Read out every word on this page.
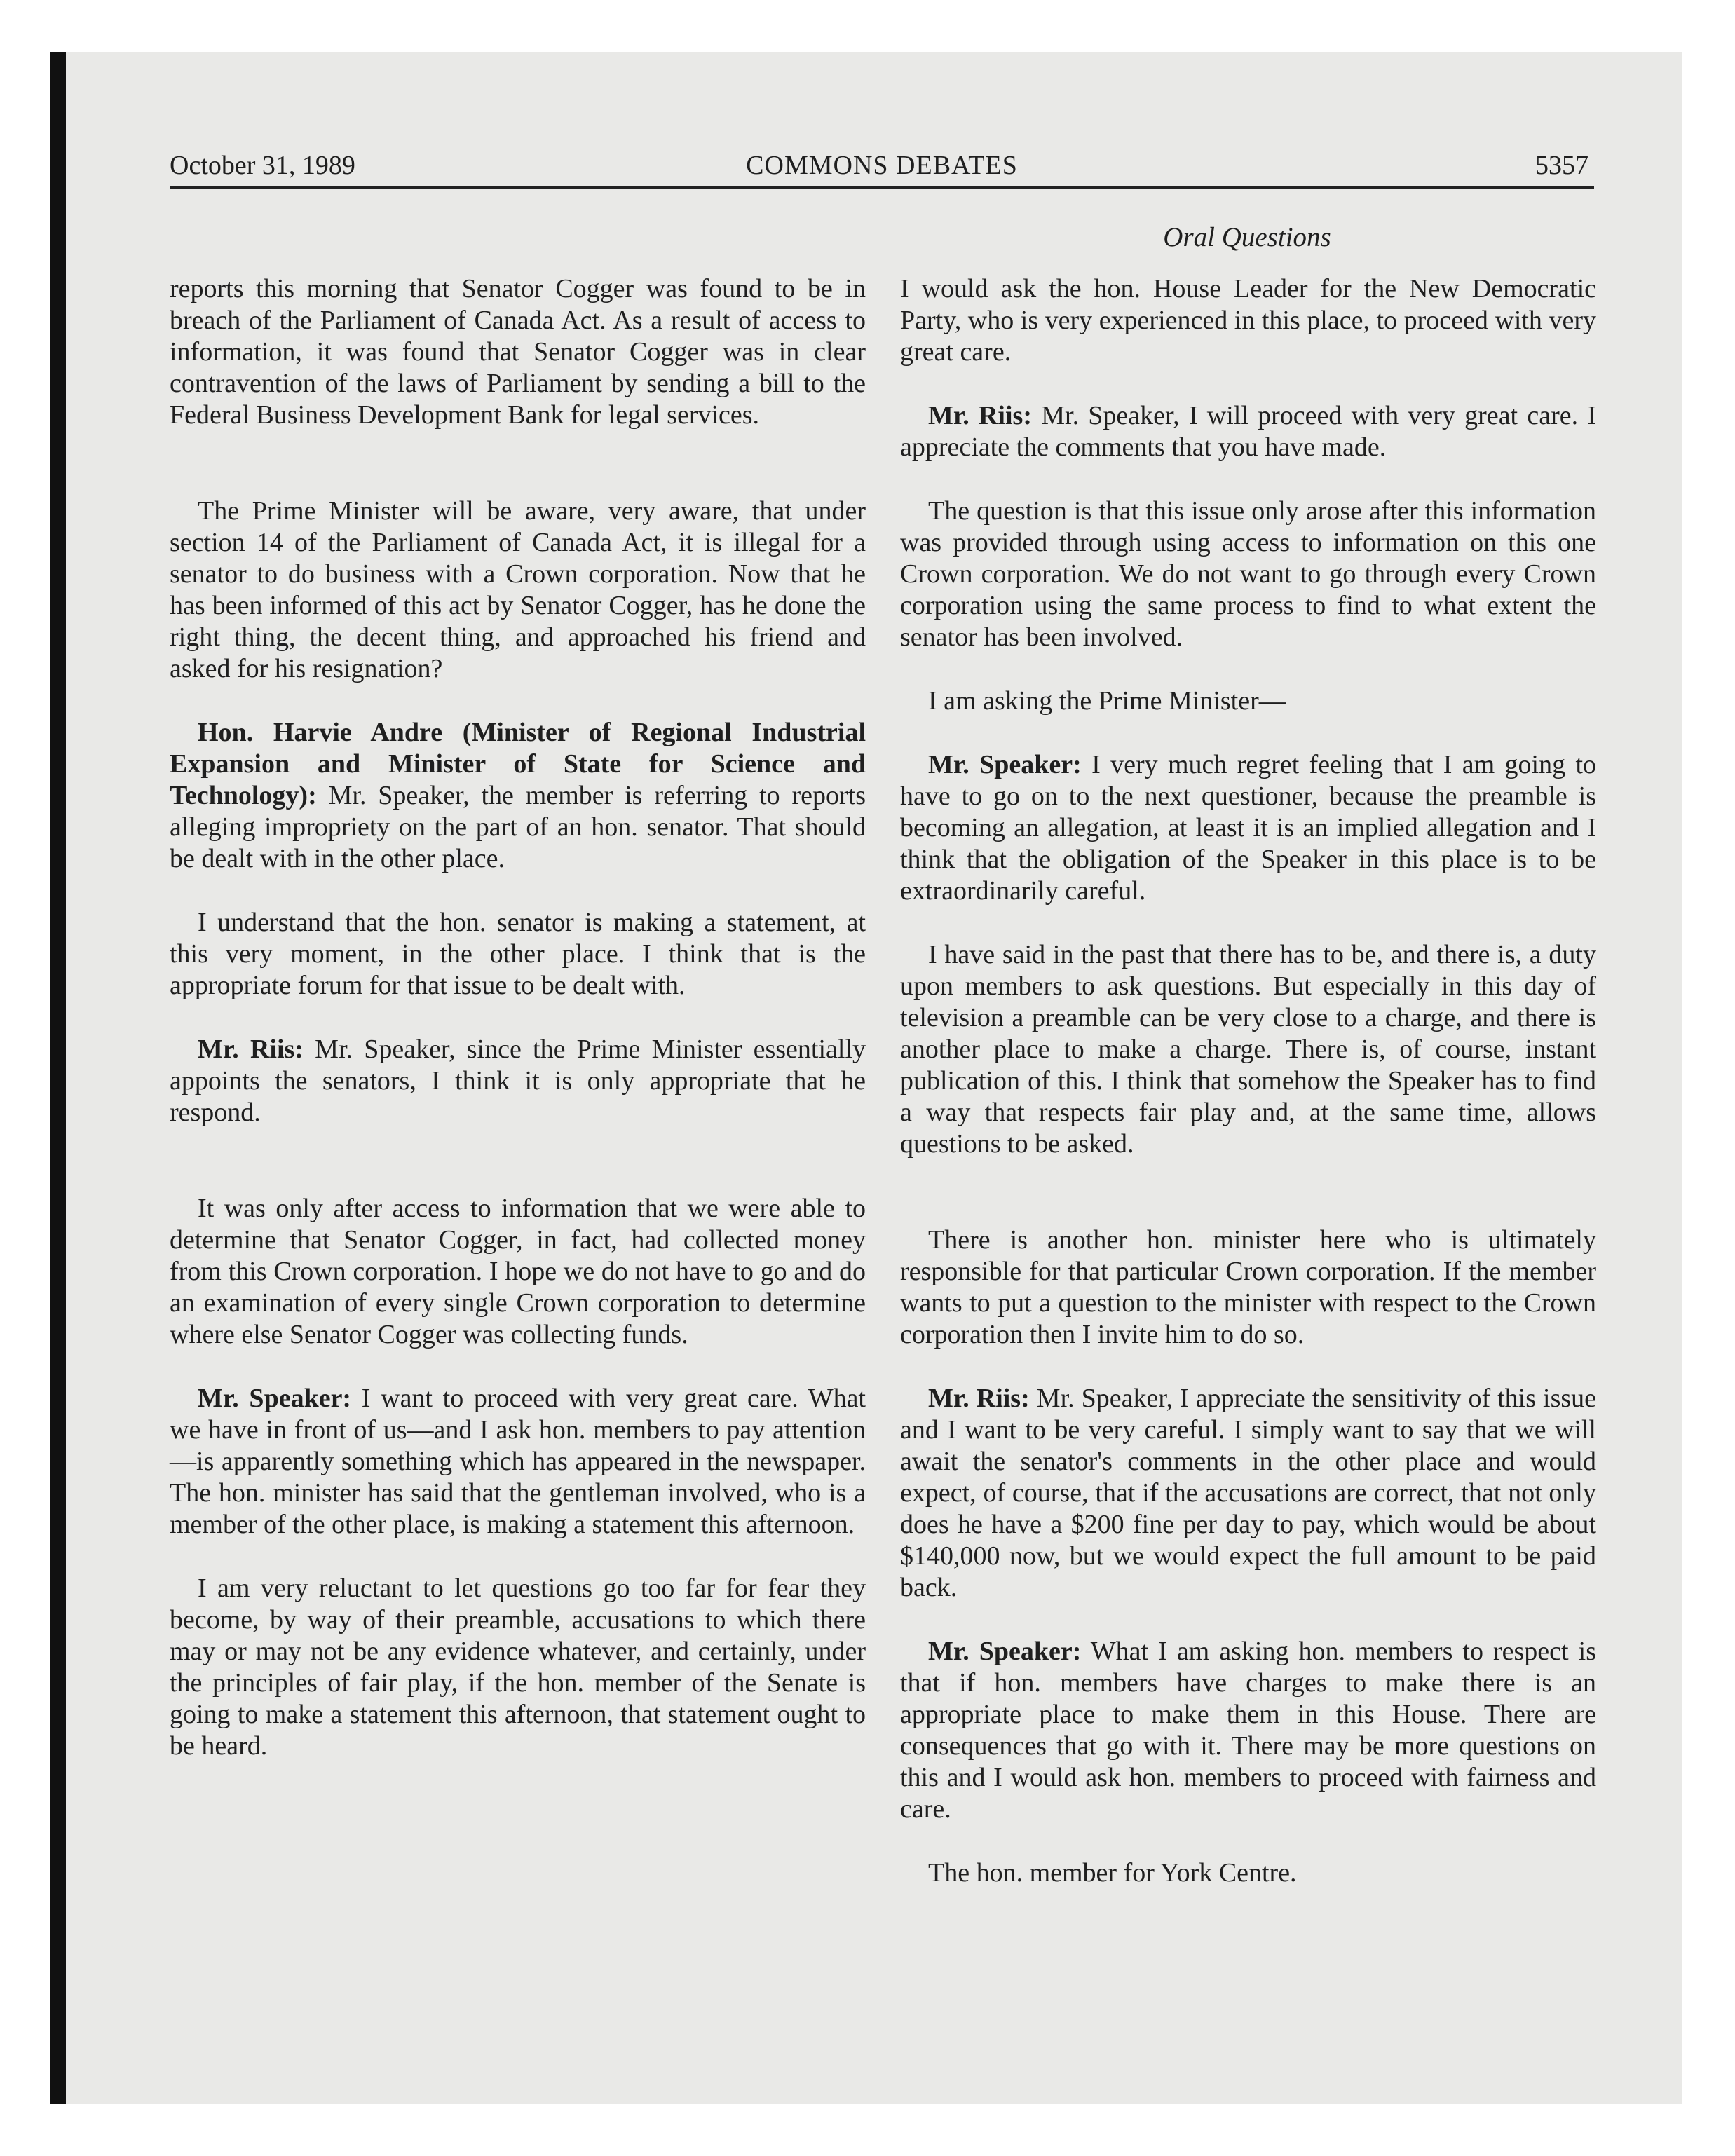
October 31, 1989	COMMONS DEBATES	5357
Oral Questions

reports this morning that Senator Cogger was found to be in breach of the Parliament of Canada Act. As a result of access to information, it was found that Senator Cogger was in clear contravention of the laws of Parliament by sending a bill to the Federal Business Development Bank for legal services.

The Prime Minister will be aware, very aware, that under section 14 of the Parliament of Canada Act, it is illegal for a senator to do business with a Crown corporation. Now that he has been informed of this act by Senator Cogger, has he done the right thing, the decent thing, and approached his friend and asked for his resignation?

Hon. Harvie Andre (Minister of Regional Industrial Expansion and Minister of State for Science and Technology): Mr. Speaker, the member is referring to reports alleging impropriety on the part of an hon. senator. That should be dealt with in the other place.

I understand that the hon. senator is making a statement, at this very moment, in the other place. I think that is the appropriate forum for that issue to be dealt with.

Mr. Riis: Mr. Speaker, since the Prime Minister essentially appoints the senators, I think it is only appropriate that he respond.

It was only after access to information that we were able to determine that Senator Cogger, in fact, had collected money from this Crown corporation. I hope we do not have to go and do an examination of every single Crown corporation to determine where else Senator Cogger was collecting funds.

Mr. Speaker: I want to proceed with very great care. What we have in front of us—and I ask hon. members to pay attention—is apparently something which has appeared in the newspaper. The hon. minister has said that the gentleman involved, who is a member of the other place, is making a statement this afternoon.

I am very reluctant to let questions go too far for fear they become, by way of their preamble, accusations to which there may or may not be any evidence whatever, and certainly, under the principles of fair play, if the hon. member of the Senate is going to make a statement this afternoon, that statement ought to be heard.

I would ask the hon. House Leader for the New Democratic Party, who is very experienced in this place, to proceed with very great care.

Mr. Riis: Mr. Speaker, I will proceed with very great care. I appreciate the comments that you have made.

The question is that this issue only arose after this information was provided through using access to information on this one Crown corporation. We do not want to go through every Crown corporation using the same process to find to what extent the senator has been involved.

I am asking the Prime Minister—

Mr. Speaker: I very much regret feeling that I am going to have to go on to the next questioner, because the preamble is becoming an allegation, at least it is an implied allegation and I think that the obligation of the Speaker in this place is to be extraordinarily careful.

I have said in the past that there has to be, and there is, a duty upon members to ask questions. But especially in this day of television a preamble can be very close to a charge, and there is another place to make a charge. There is, of course, instant publication of this. I think that somehow the Speaker has to find a way that respects fair play and, at the same time, allows questions to be asked.

There is another hon. minister here who is ultimately responsible for that particular Crown corporation. If the member wants to put a question to the minister with respect to the Crown corporation then I invite him to do so.

Mr. Riis: Mr. Speaker, I appreciate the sensitivity of this issue and I want to be very careful. I simply want to say that we will await the senator's comments in the other place and would expect, of course, that if the accusations are correct, that not only does he have a $200 fine per day to pay, which would be about $140,000 now, but we would expect the full amount to be paid back.

Mr. Speaker: What I am asking hon. members to respect is that if hon. members have charges to make there is an appropriate place to make them in this House. There are consequences that go with it. There may be more questions on this and I would ask hon. members to proceed with fairness and care.

The hon. member for York Centre.
